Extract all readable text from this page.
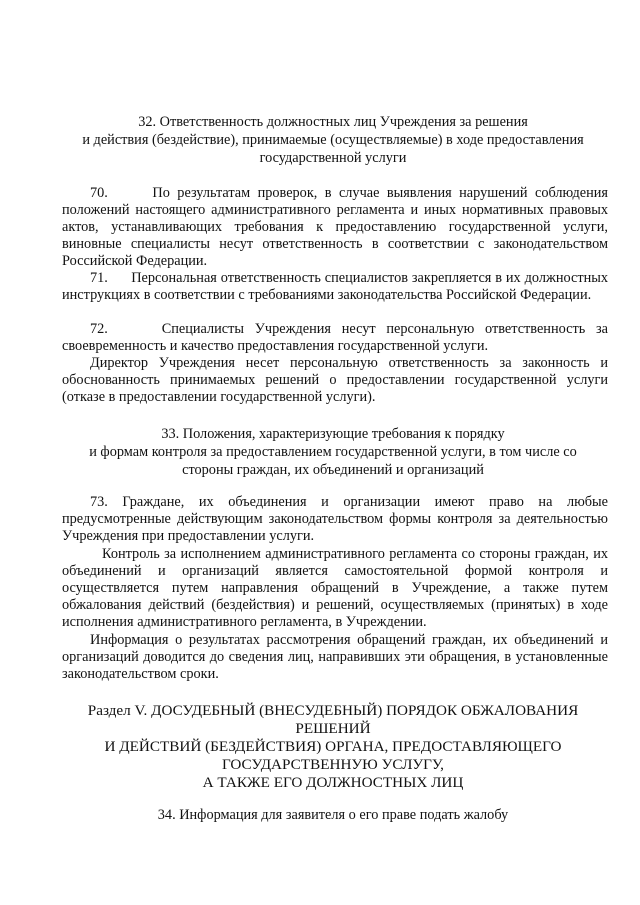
32. Ответственность должностных лиц Учреждения за решения
и действия (бездействие), принимаемые (осуществляемые) в ходе предоставления
государственной услуги

70.      По результатам проверок, в случае выявления нарушений соблюдения положений настоящего административного регламента и иных нормативных правовых актов, устанавливающих требования к предоставлению государственной услуги, виновные специалисты несут ответственность в соответствии с законодательством Российской Федерации.

71.      Персональная ответственность специалистов закрепляется в их должностных инструкциях в соответствии с требованиями законодательства Российской Федерации.

72.     Специалисты Учреждения несут персональную ответственность за своевременность и качество предоставления государственной услуги.

Директор Учреждения несет персональную ответственность за законность и обоснованность принимаемых решений о предоставлении государственной услуги (отказе в предоставлении государственной услуги).

33. Положения, характеризующие требования к порядку
и формам контроля за предоставлением государственной услуги, в том числе со
стороны граждан, их объединений и организаций

73. Граждане, их объединения и организации имеют право на любые предусмотренные действующим законодательством формы контроля за деятельностью Учреждения при предоставлении услуги.

Контроль за исполнением административного регламента со стороны граждан, их объединений и организаций является самостоятельной формой контроля и осуществляется путем направления обращений в Учреждение, а также путем обжалования действий (бездействия) и решений, осуществляемых (принятых) в ходе исполнения административного регламента, в Учреждении.

Информация о результатах рассмотрения обращений граждан, их объединений и организаций доводится до сведения лиц, направивших эти обращения, в установленные законодательством сроки.

Раздел V. ДОСУДЕБНЫЙ (ВНЕСУДЕБНЫЙ) ПОРЯДОК ОБЖАЛОВАНИЯ
РЕШЕНИЙ
И ДЕЙСТВИЙ (БЕЗДЕЙСТВИЯ) ОРГАНА, ПРЕДОСТАВЛЯЮЩЕГО
ГОСУДАРСТВЕННУЮ УСЛУГУ,
А ТАКЖЕ ЕГО ДОЛЖНОСТНЫХ ЛИЦ
34. Информация для заявителя о его праве подать жалобу
